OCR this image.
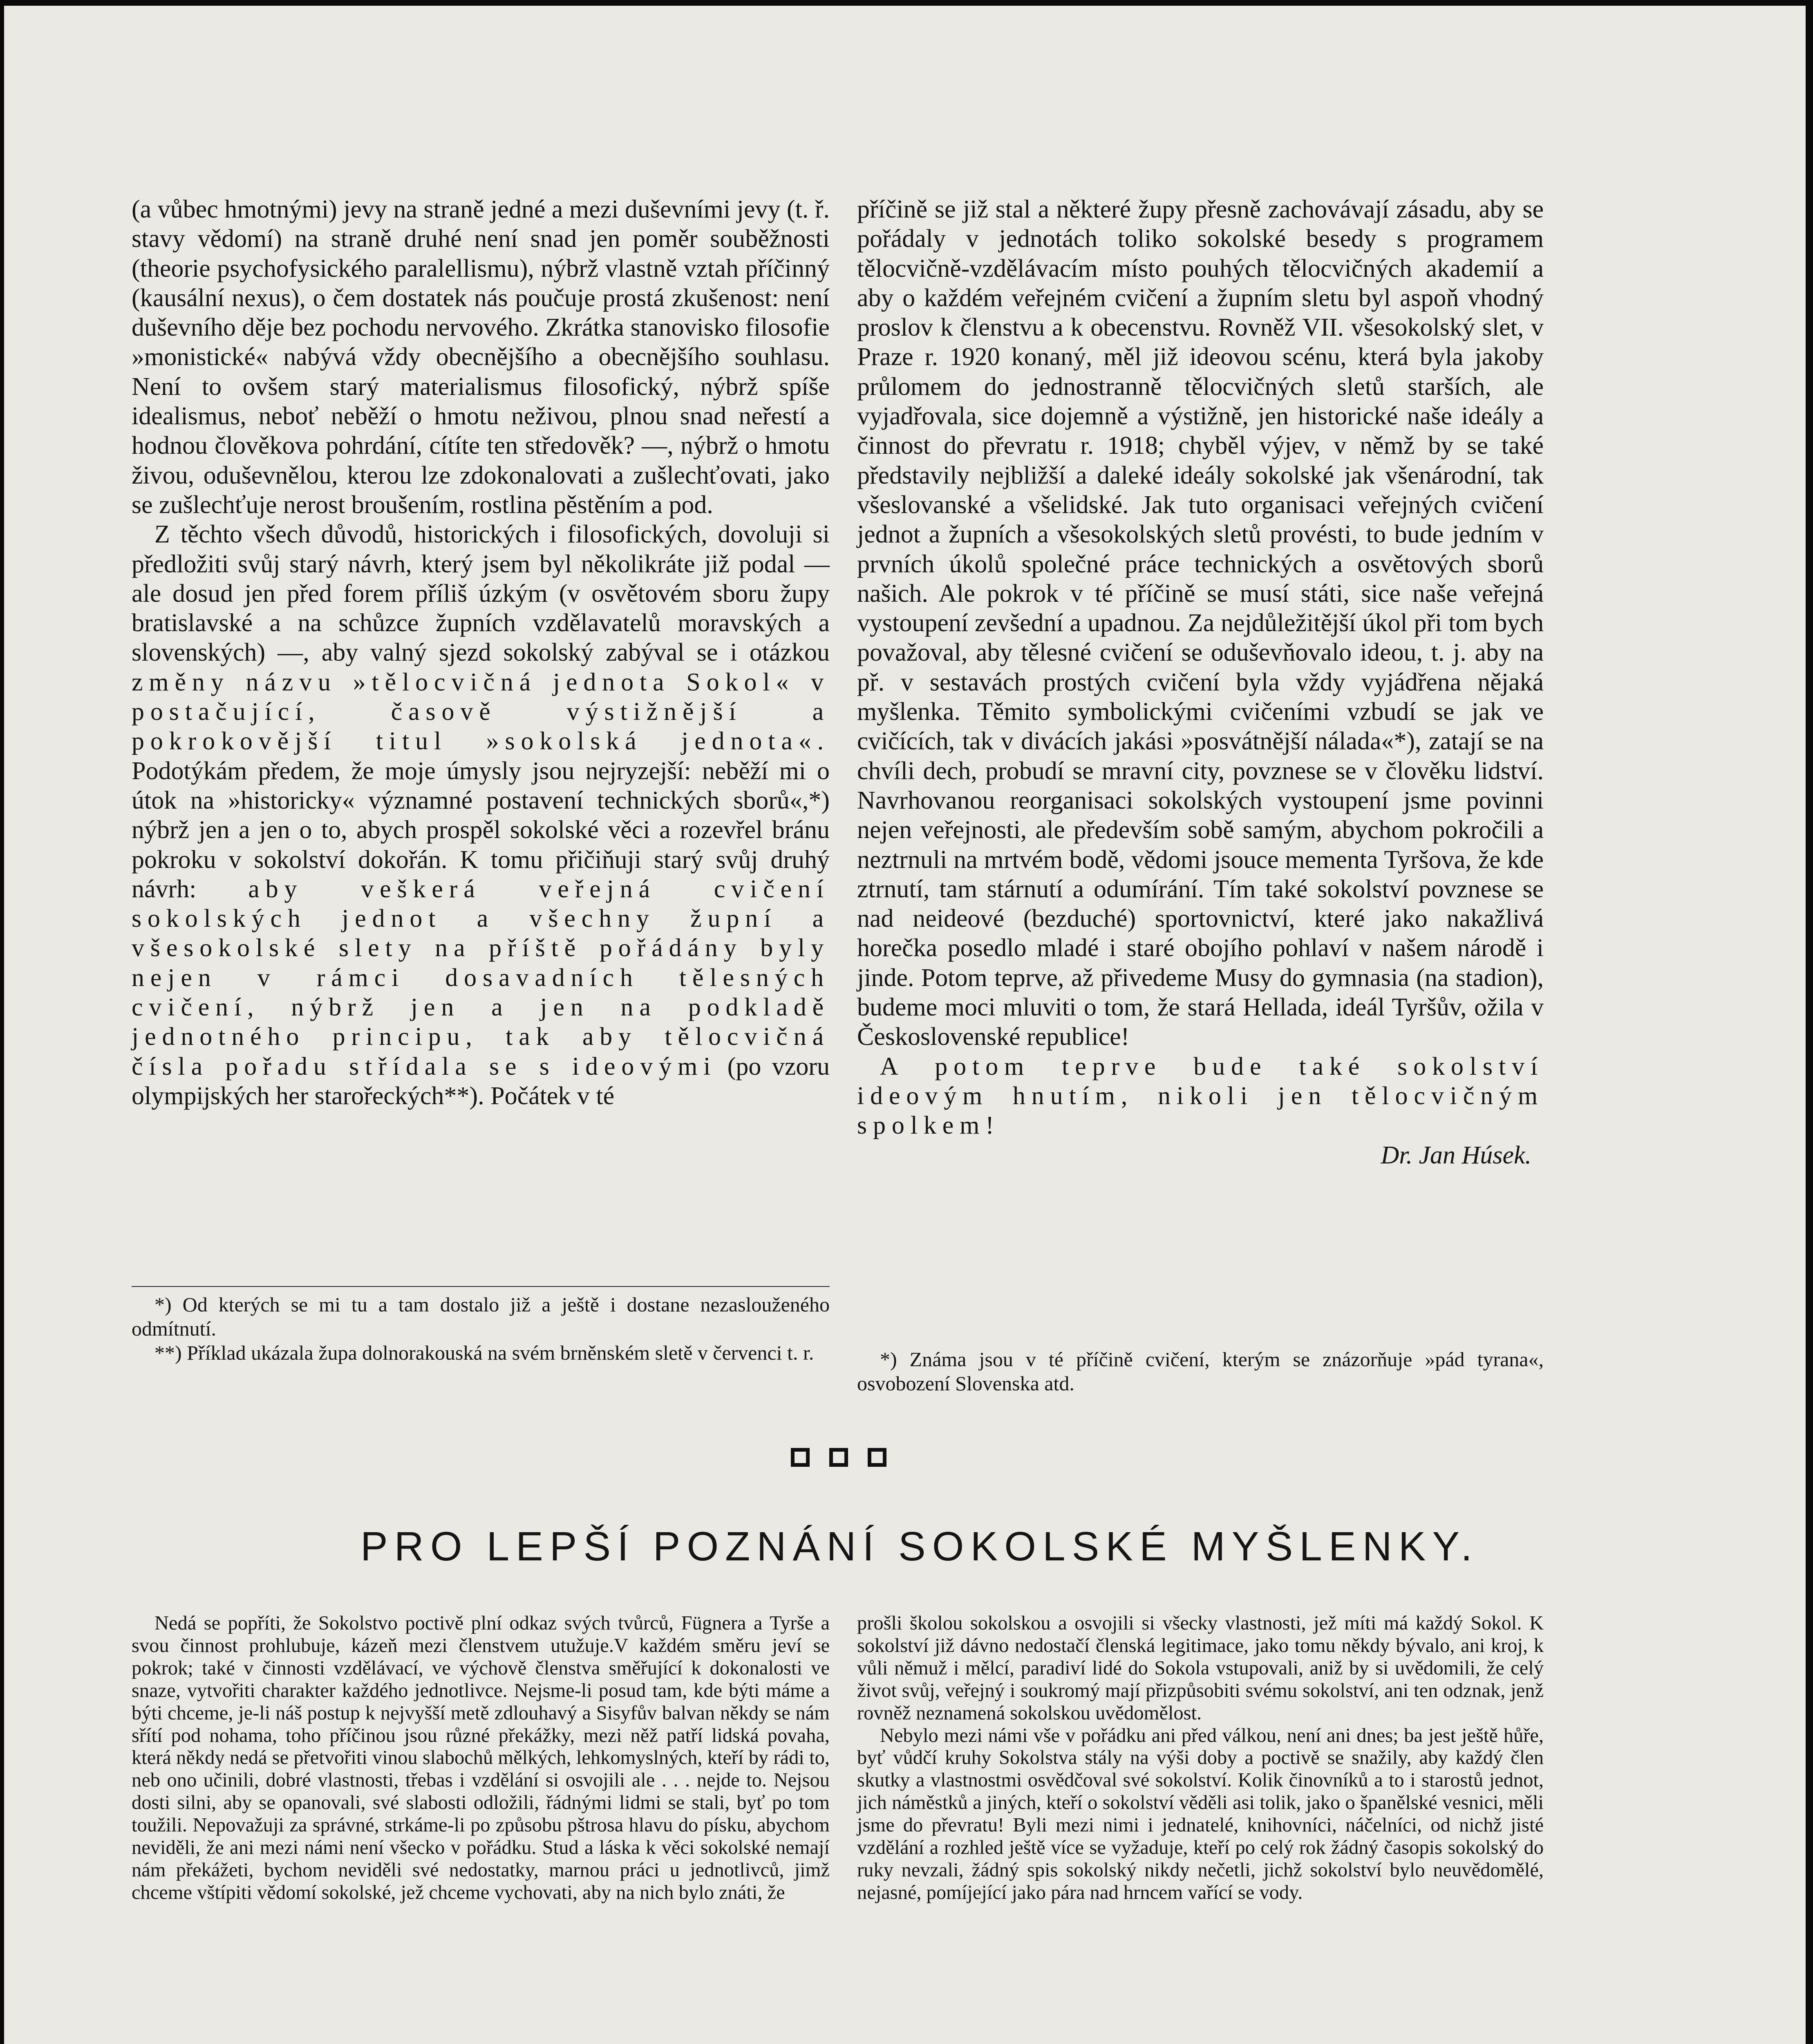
(a vůbec hmotnými) jevy na straně jedné a mezi duševními jevy (t. ř. stavy vědomí) na straně druhé není snad jen poměr souběžnosti (theorie psychofysického paralellismu), nýbrž vlastně vztah příčinný (kausální nexus), o čem dostatek nás poučuje prostá zkušenost: není duševního děje bez pochodu nervového. Zkrátka stanovisko filosofie »monistické« nabývá vždy obecnějšího a obecnějšího souhlasu. Není to ovšem starý materialismus filosofický, nýbrž spíše idealismus, neboť neběží o hmotu neživou, plnou snad neřestí a hodnou člověkova pohrdání, cítíte ten středověk? —, nýbrž o hmotu živou, oduševnělou, kterou lze zdokonalovati a zušlechťovati, jako se zušlechťuje nerost broušením, rostlina pěstěním a pod.

Z těchto všech důvodů, historických i filosofických, dovoluji si předložiti svůj starý návrh, který jsem byl několikráte již podal — ale dosud jen před forem příliš úzkým (v osvětovém sboru župy bratislavské a na schůzce župních vzdělavatelů moravských a slovenských) —, aby valný sjezd sokolský zabýval se i otázkou změny názvu »tělocvičná jednota Sokol« v postačující, časově výstižnější a pokrokovější titul »sokolská jednota«. Podotýkám předem, že moje úmysly jsou nejryzejší: neběží mi o útok na »historicky« významné postavení technických sborů«,*) nýbrž jen a jen o to, abych prospěl sokolské věci a rozevřel bránu pokroku v sokolství dokořán. K tomu přičiňuji starý svůj druhý návrh: aby veškerá veřejná cvičení sokolských jednot a všechny župní a všesokolské slety na příště pořádány byly nejen v rámci dosavadních tělesných cvičení, nýbrž jen a jen na podkladě jednotného principu, tak aby tělocvičná čísla pořadu střídala se s ideovými (po vzoru olympijských her starořeckých**). Počátek v té

*) Od kterých se mi tu a tam dostalo již a ještě i dostane nezaslouženého odmítnutí.

**) Příklad ukázala župa dolnorakouská na svém brněnském sletě v červenci t. r.

příčině se již stal a některé župy přesně zachovávají zásadu, aby se pořádaly v jednotách toliko sokolské besedy s programem tělocvičně-vzdělávacím místo pouhých tělocvičných akademií a aby o každém veřejném cvičení a župním sletu byl aspoň vhodný proslov k členstvu a k obecenstvu. Rovněž VII. všesokolský slet, v Praze r. 1920 konaný, měl již ideovou scénu, která byla jakoby průlomem do jednostranně tělocvičných sletů starších, ale vyjadřovala, sice dojemně a výstižně, jen historické naše ideály a činnost do převratu r. 1918; chyběl výjev, v němž by se také představily nejbližší a daleké ideály sokolské jak všenárodní, tak všeslovanské a všelidské. Jak tuto organisaci veřejných cvičení jednot a župních a všesokolských sletů provésti, to bude jedním v prvních úkolů společné práce technických a osvětových sborů našich. Ale pokrok v té příčině se musí státi, sice naše veřejná vystoupení zevšední a upadnou. Za nejdůležitější úkol při tom bych považoval, aby tělesné cvičení se oduševňovalo ideou, t. j. aby na př. v sestavách prostých cvičení byla vždy vyjádřena nějaká myšlenka. Těmito symbolickými cvičeními vzbudí se jak ve cvičících, tak v divácích jakási »posvátnější nálada«*), zatají se na chvíli dech, probudí se mravní city, povznese se v člověku lidství. Navrhovanou reorganisaci sokolských vystoupení jsme povinni nejen veřejnosti, ale především sobě samým, abychom pokročili a neztrnuli na mrtvém bodě, vědomi jsouce mementa Tyršova, že kde ztrnutí, tam stárnutí a odumírání. Tím také sokolství povznese se nad neideové (bezduché) sportovnictví, které jako nakažlivá horečka posedlo mladé i staré obojího pohlaví v našem národě i jinde. Potom teprve, až přivedeme Musy do gymnasia (na stadion), budeme moci mluviti o tom, že stará Hellada, ideál Tyršův, ožila v Československé republice!

A potom teprve bude také sokolství ideovým hnutím, nikoli jen tělocvičným spolkem!

Dr. Jan Húsek.

*) Známa jsou v té příčině cvičení, kterým se znázorňuje »pád tyrana«, osvobození Slovenska atd.

PRO LEPŠÍ POZNÁNÍ SOKOLSKÉ MYŠLENKY.

Nedá se popříti, že Sokolstvo poctivě plní odkaz svých tvůrců, Fügnera a Tyrše a svou činnost prohlubuje, kázeň mezi členstvem utužuje.V každém směru jeví se pokrok; také v činnosti vzdělávací, ve výchově členstva směřující k dokonalosti ve snaze, vytvořiti charakter každého jednotlivce. Nejsme-li posud tam, kde býti máme a býti chceme, je-li náš postup k nejvyšší metě zdlouhavý a Sisyfův balvan někdy se nám sřítí pod nohama, toho příčinou jsou různé překážky, mezi něž patří lidská povaha, která někdy nedá se přetvořiti vinou slabochů mělkých, lehkomyslných, kteří by rádi to, neb ono učinili, dobré vlastnosti, třebas i vzdělání si osvojili ale . . . nejde to. Nejsou dosti silni, aby se opanovali, své slabosti odložili, řádnými lidmi se stali, byť po tom toužili. Nepovažuji za správné, strkáme-li po způsobu pštrosa hlavu do písku, abychom neviděli, že ani mezi námi není všecko v pořádku. Stud a láska k věci sokolské nemají nám překážeti, bychom neviděli své nedostatky, marnou práci u jednotlivců, jimž chceme vštípiti vědomí sokolské, jež chceme vychovati, aby na nich bylo znáti, že

prošli školou sokolskou a osvojili si všecky vlastnosti, jež míti má každý Sokol. K sokolství již dávno nedostačí členská legitimace, jako tomu někdy bývalo, ani kroj, k vůli němuž i mělcí, paradiví lidé do Sokola vstupovali, aniž by si uvědomili, že celý život svůj, veřejný i soukromý mají přizpůsobiti svému sokolství, ani ten odznak, jenž rovněž neznamená sokolskou uvědomělost.

Nebylo mezi námi vše v pořádku ani před válkou, není ani dnes; ba jest ještě hůře, byť vůdčí kruhy Sokolstva stály na výši doby a poctivě se snažily, aby každý člen skutky a vlastnostmi osvědčoval své sokolství. Kolik činovníků a to i starostů jednot, jich náměstků a jiných, kteří o sokolství věděli asi tolik, jako o španělské vesnici, měli jsme do převratu! Byli mezi nimi i jednatelé, knihovníci, náčelníci, od nichž jisté vzdělání a rozhled ještě více se vyžaduje, kteří po celý rok žádný časopis sokolský do ruky nevzali, žádný spis sokolský nikdy nečetli, jichž sokolství bylo neuvědomělé, nejasné, pomíjející jako pára nad hrncem vařící se vody.
